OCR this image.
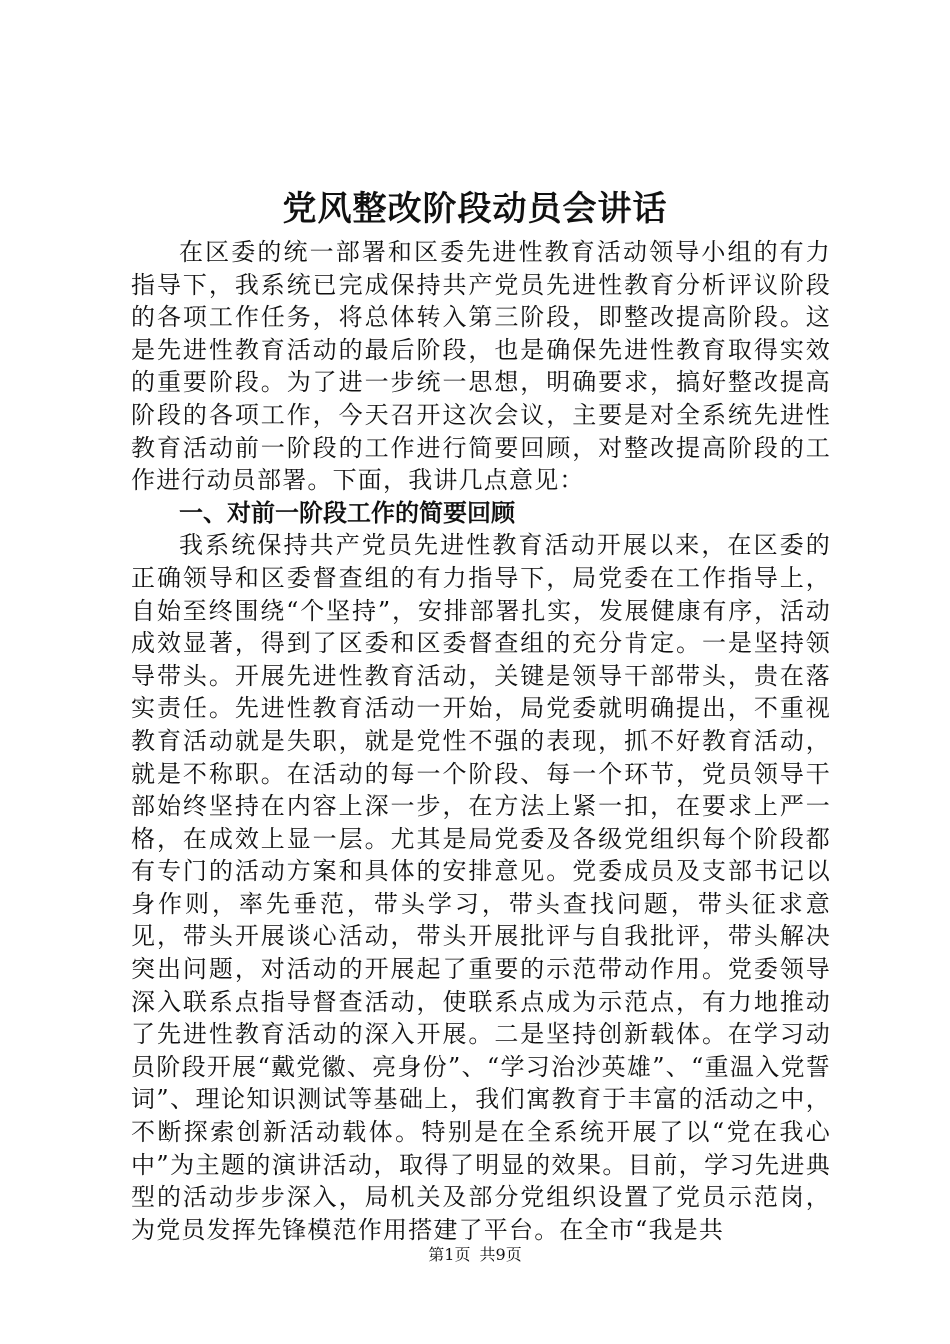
党风整改阶段动员会讲话

在区委的统一部署和区委先进性教育活动领导小组的有力指导下，我系统已完成保持共产党员先进性教育分析评议阶段的各项工作任务，将总体转入第三阶段，即整改提高阶段。这是先进性教育活动的最后阶段，也是确保先进性教育取得实效的重要阶段。为了进一步统一思想，明确要求，搞好整改提高阶段的各项工作，今天召开这次会议，主要是对全系统先进性教育活动前一阶段的工作进行简要回顾，对整改提高阶段的工作进行动员部署。下面，我讲几点意见：

一、对前一阶段工作的简要回顾

我系统保持共产党员先进性教育活动开展以来，在区委的正确领导和区委督查组的有力指导下，局党委在工作指导上，自始至终围绕“个坚持”，安排部署扎实，发展健康有序，活动成效显著，得到了区委和区委督查组的充分肯定。一是坚持领导带头。开展先进性教育活动，关键是领导干部带头，贵在落实责任。先进性教育活动一开始，局党委就明确提出，不重视教育活动就是失职，就是党性不强的表现，抓不好教育活动，就是不称职。在活动的每一个阶段、每一个环节，党员领导干部始终坚持在内容上深一步，在方法上紧一扣，在要求上严一格，在成效上显一层。尤其是局党委及各级党组织每个阶段都有专门的活动方案和具体的安排意见。党委成员及支部书记以身作则，率先垂范，带头学习，带头查找问题，带头征求意见，带头开展谈心活动，带头开展批评与自我批评，带头解决突出问题，对活动的开展起了重要的示范带动作用。党委领导深入联系点指导督查活动，使联系点成为示范点，有力地推动了先进性教育活动的深入开展。二是坚持创新载体。在学习动员阶段开展“戴党徽、亮身份”、“学习治沙英雄”、“重温入党誓词”、理论知识测试等基础上，我们寓教育于丰富的活动之中，不断探索创新活动载体。特别是在全系统开展了以“党在我心中”为主题的演讲活动，取得了明显的效果。目前，学习先进典型的活动步步深入，局机关及部分党组织设置了党员示范岗，为党员发挥先锋模范作用搭建了平台。在全市“我是共

第1页 共9页
